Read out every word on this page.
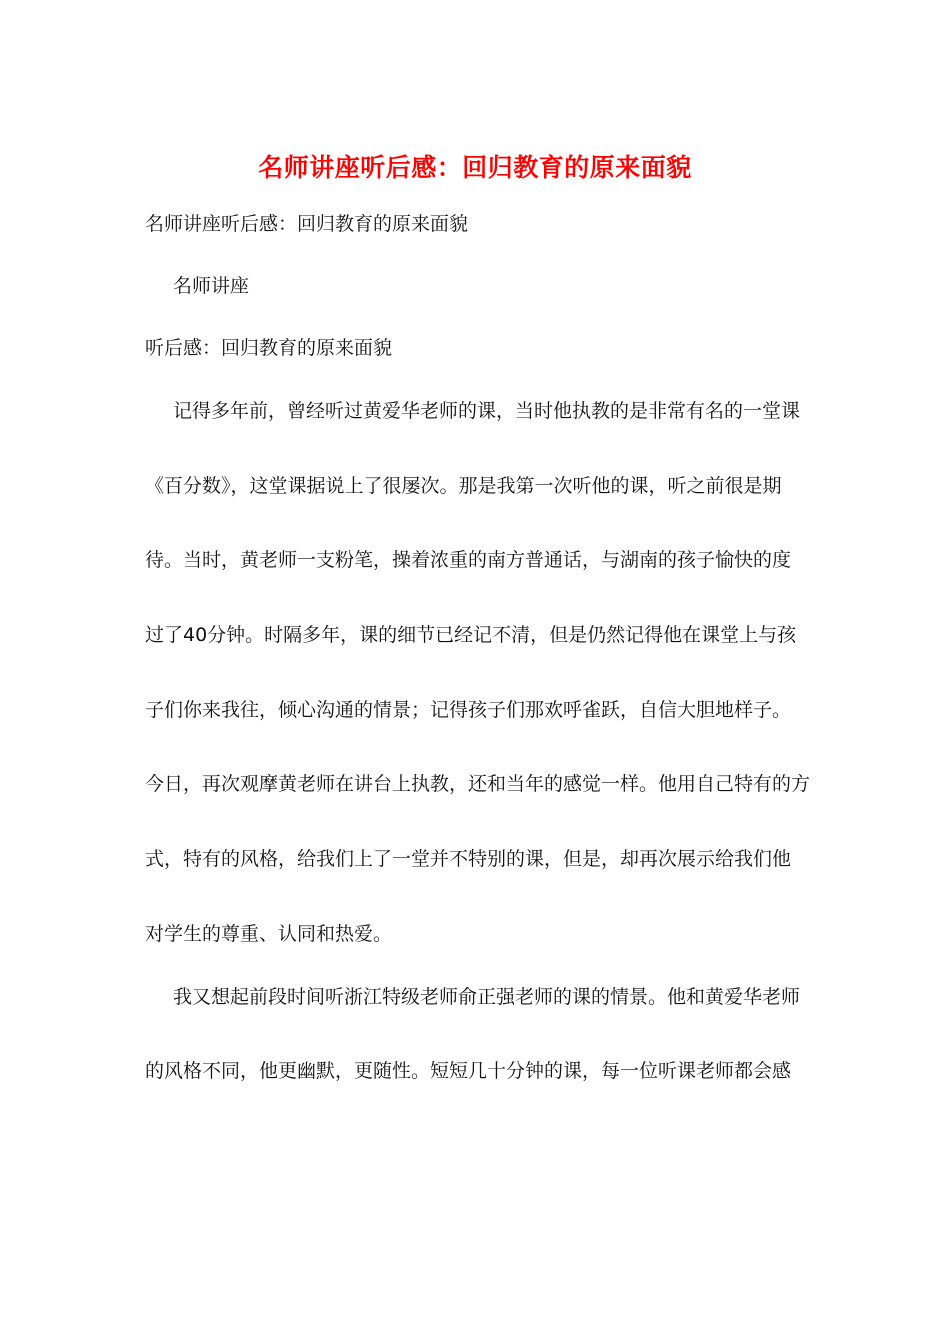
名师讲座听后感：回归教育的原来面貌
名师讲座听后感：回归教育的原来面貌
名师讲座
听后感：回归教育的原来面貌
记得多年前，曾经听过黄爱华老师的课，当时他执教的是非常有名的一堂课
《百分数》，这堂课据说上了很屡次。那是我第一次听他的课，听之前很是期
待。当时，黄老师一支粉笔，操着浓重的南方普通话，与湖南的孩子愉快的度
过了40分钟。时隔多年，课的细节已经记不清，但是仍然记得他在课堂上与孩
子们你来我往，倾心沟通的情景；记得孩子们那欢呼雀跃，自信大胆地样子。
今日，再次观摩黄老师在讲台上执教，还和当年的感觉一样。他用自己特有的方
式，特有的风格，给我们上了一堂并不特别的课，但是，却再次展示给我们他
对学生的尊重、认同和热爱。
我又想起前段时间听浙江特级老师俞正强老师的课的情景。他和黄爱华老师
的风格不同，他更幽默，更随性。短短几十分钟的课，每一位听课老师都会感
